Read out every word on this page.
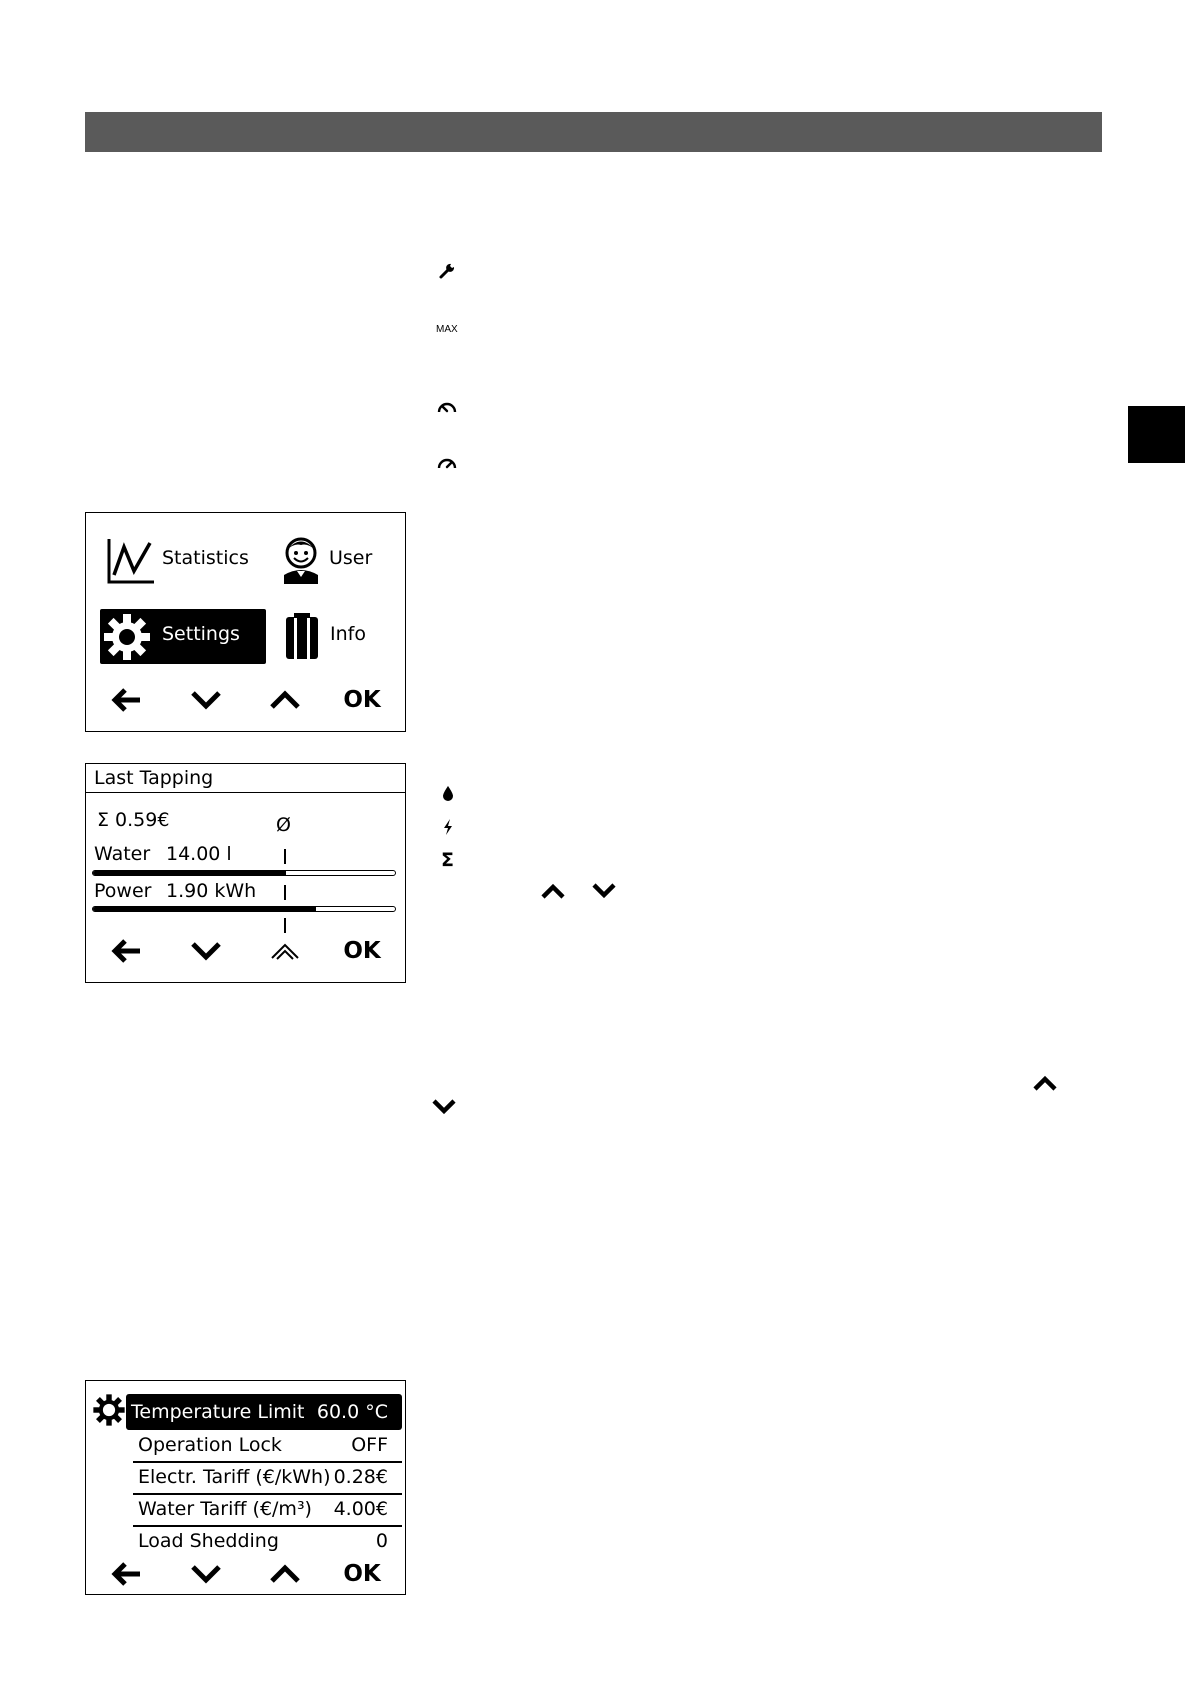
MAX
Σ
Statistics	User
Settings	Info
OK
Last Tapping
Σ 0.59€	Ø
Water 14.00 l
Power 1.90 kWh
OK
Temperature Limit 60.0 °C
Operation Lock	OFF
Electr. Tariff (€/kWh) 0.28€
Water Tariff (€/m³) 4.00€
Load Shedding	0
OK
